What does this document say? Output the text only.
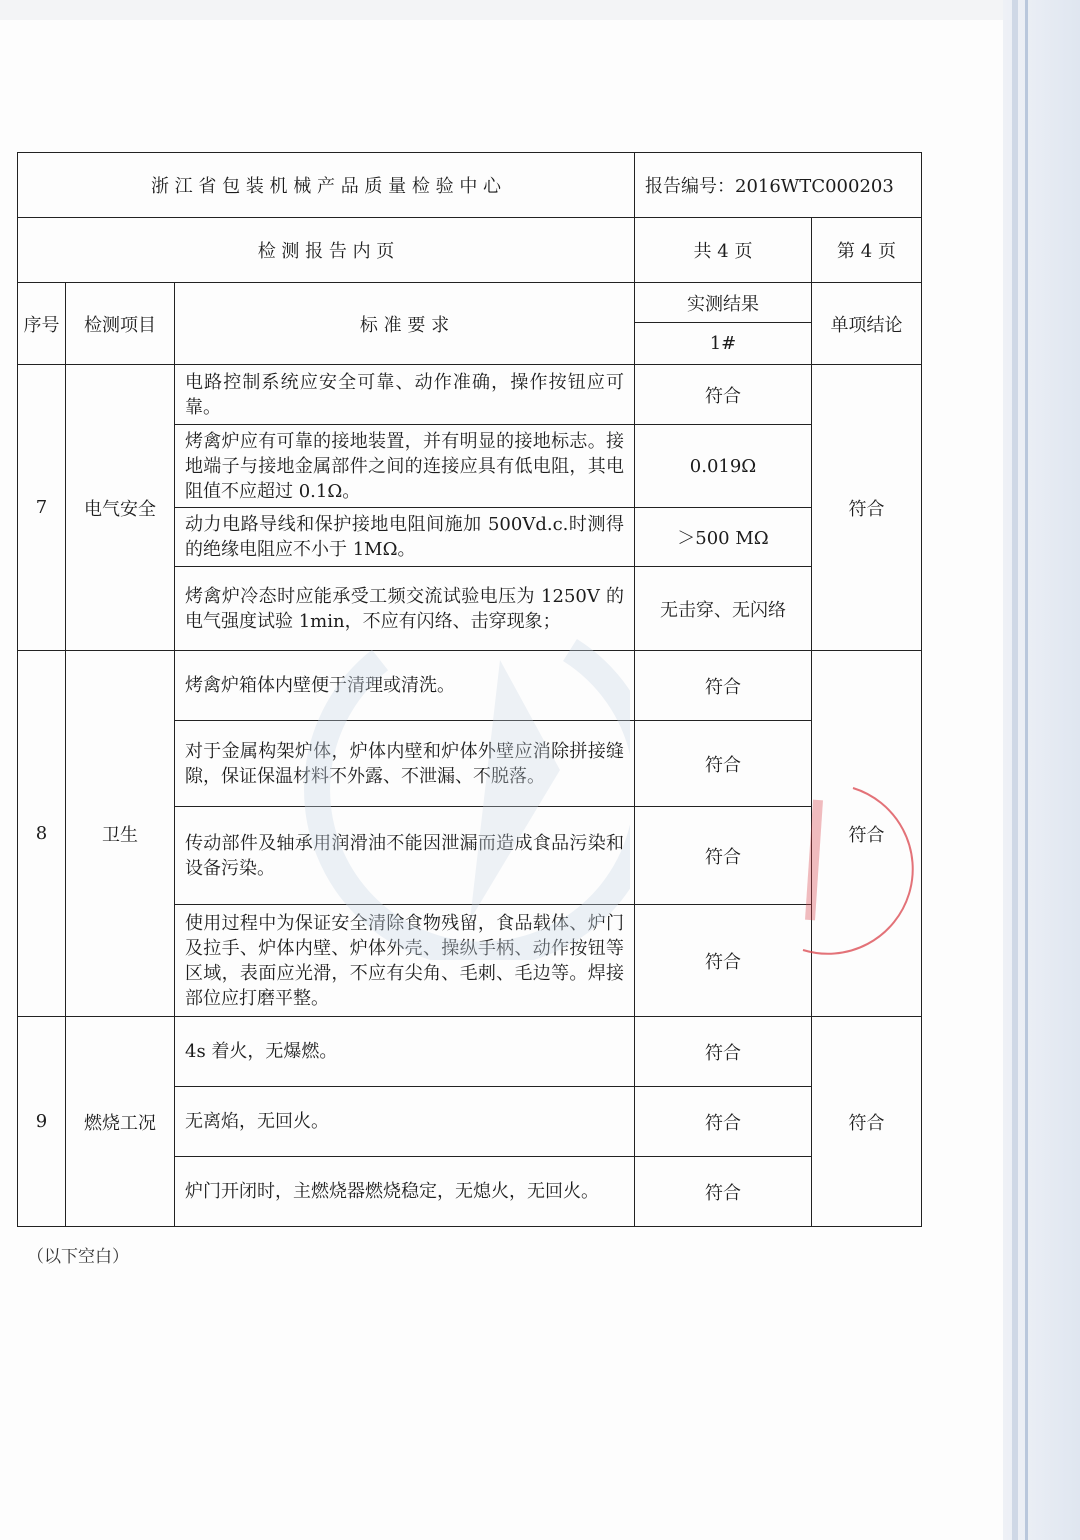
浙 江 省 包 装 机 械 产 品 质 量 检 验 中 心			报告编号：2016WTC000203	
检 测 报 告 内 页			共 4 页	第 4 页
序号	检测项目	标 准 要 求	实测结果	单项结论
			1#	
7	电气安全	电路控制系统应安全可靠、动作准确，操作按钮应可靠。	符合	符合
		烤禽炉应有可靠的接地装置，并有明显的接地标志。接地端子与接地金属部件之间的连接应具有低电阻，其电阻值不应超过 0.1Ω。	0.019Ω	
		动力电路导线和保护接地电阻间施加 500Vd.c.时测得的绝缘电阻应不小于 1MΩ。	＞500 MΩ	
		烤禽炉冷态时应能承受工频交流试验电压为 1250V 的电气强度试验 1min，不应有闪络、击穿现象；	无击穿、无闪络	
8	卫生	烤禽炉箱体内壁便于清理或清洗。	符合	符合
		对于金属构架炉体，炉体内壁和炉体外壁应消除拼接缝隙，保证保温材料不外露、不泄漏、不脱落。	符合	
		传动部件及轴承用润滑油不能因泄漏而造成食品污染和设备污染。	符合	
		使用过程中为保证安全清除食物残留，食品载体、炉门及拉手、炉体内壁、炉体外壳、操纵手柄、动作按钮等区域，表面应光滑，不应有尖角、毛刺、毛边等。焊接部位应打磨平整。	符合	
9	燃烧工况	4s 着火，无爆燃。	符合	符合
		无离焰，无回火。	符合	
		炉门开闭时，主燃烧器燃烧稳定，无熄火，无回火。	符合	
（以下空白）
